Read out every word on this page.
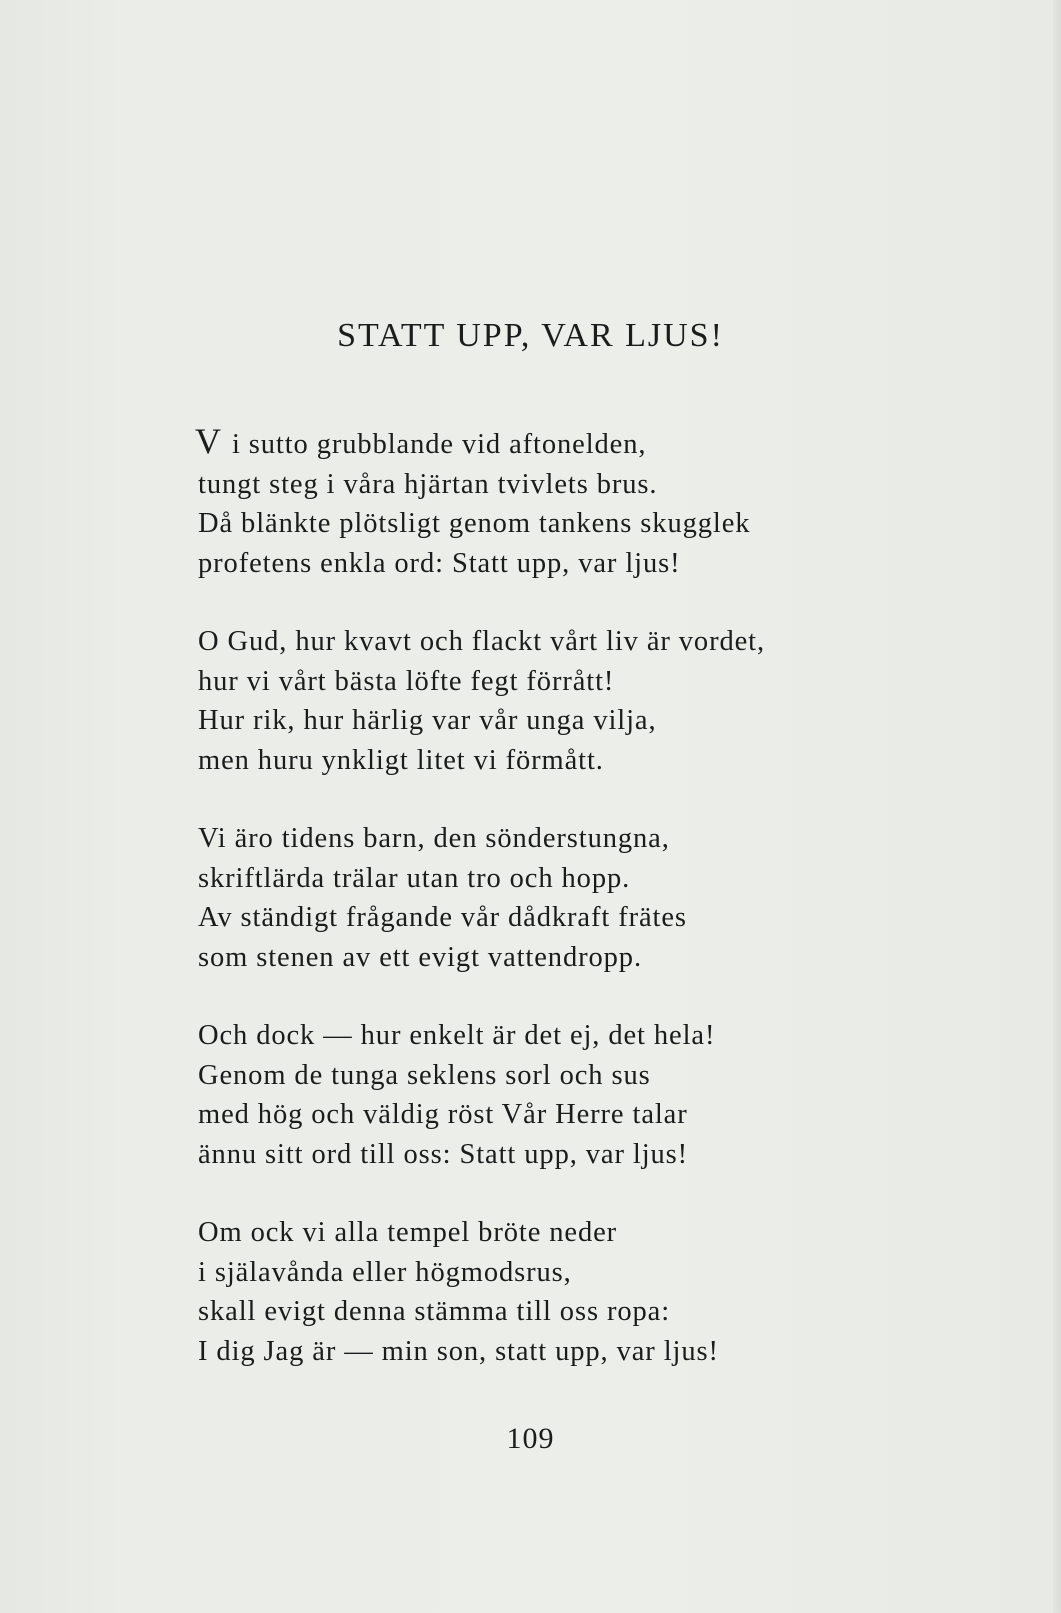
STATT UPP, VAR LJUS!
V i sutto grubblande vid aftonelden,
tungt steg i våra hjärtan tvivlets brus.
Då blänkte plötsligt genom tankens skugglek
profetens enkla ord: Statt upp, var ljus!
O Gud, hur kvavt och flackt vårt liv är vordet,
hur vi vårt bästa löfte fegt förrått!
Hur rik, hur härlig var vår unga vilja,
men huru ynkligt litet vi förmått.
Vi äro tidens barn, den sönderstungna,
skriftlärda trälar utan tro och hopp.
Av ständigt frågande vår dådkraft frätes
som stenen av ett evigt vattendropp.
Och dock — hur enkelt är det ej, det hela!
Genom de tunga seklens sorl och sus
med hög och väldig röst Vår Herre talar
ännu sitt ord till oss: Statt upp, var ljus!
Om ock vi alla tempel bröte neder
i själavånda eller högmodsrus,
skall evigt denna stämma till oss ropa:
I dig Jag är — min son, statt upp, var ljus!
109
